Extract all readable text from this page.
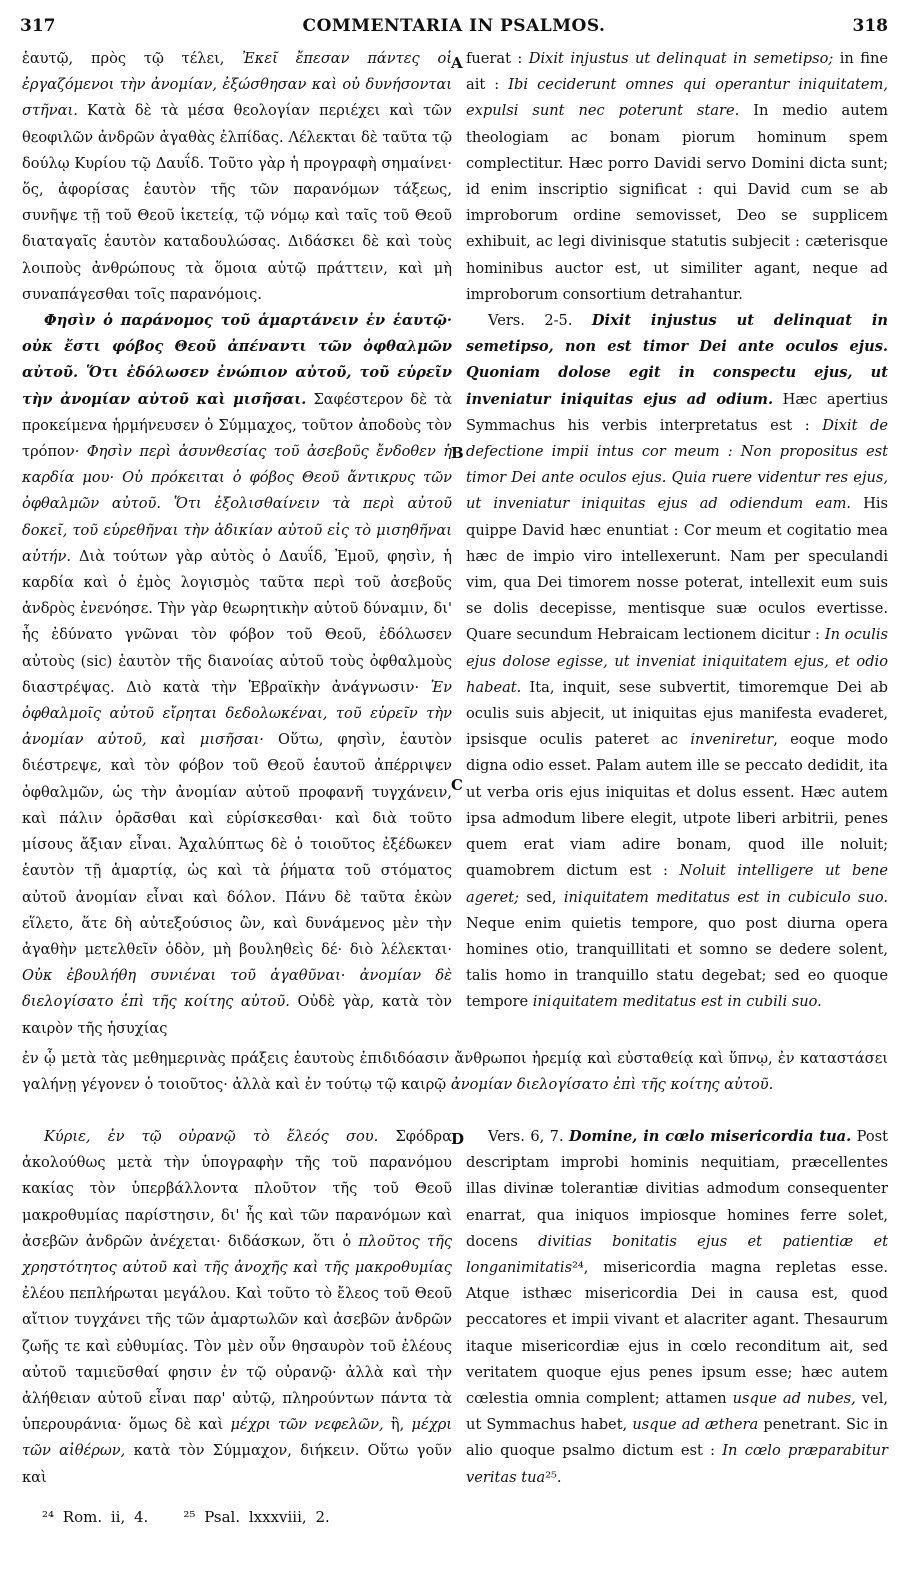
317	COMMENTARIA IN PSALMOS.	318
A
B
C
D

ἑαυτῷ, πρὸς τῷ τέλει, Ἐκεῖ ἔπεσαν πάντες οἱ ἐργαζόμενοι τὴν ἀνομίαν, ἐξώσθησαν καὶ οὐ δυνήσονται στῆναι. Κατὰ δὲ τὰ μέσα θεολογίαν περιέχει καὶ τῶν θεοφιλῶν ἀνδρῶν ἀγαθὰς ἐλπίδας. Λέλεκται δὲ ταῦτα τῷ δούλῳ Κυρίου τῷ Δαυΐδ. Τοῦτο γὰρ ἡ προγραφὴ σημαίνει· ὅς, ἀφορίσας ἑαυτὸν τῆς τῶν παρανόμων τάξεως, συνῆψε τῇ τοῦ Θεοῦ ἱκετείᾳ, τῷ νόμῳ καὶ ταῖς τοῦ Θεοῦ διαταγαῖς ἑαυτὸν καταδουλώσας. Διδάσκει δὲ καὶ τοὺς λοιποὺς ἀνθρώπους τὰ ὅμοια αὐτῷ πράττειν, καὶ μὴ συναπάγεσθαι τοῖς παρανόμοις.

Φησὶν ὁ παράνομος τοῦ ἁμαρτάνειν ἐν ἑαυτῷ· οὐκ ἔστι φόβος Θεοῦ ἀπέναντι τῶν ὀφθαλμῶν αὐτοῦ. Ὅτι ἐδόλωσεν ἐνώπιον αὐτοῦ, τοῦ εὑρεῖν τὴν ἀνομίαν αὐτοῦ καὶ μισῆσαι. Σαφέστερον δὲ τὰ προκείμενα ἡρμήνευσεν ὁ Σύμμαχος, τοῦτον ἀποδοὺς τὸν τρόπον· Φησὶν περὶ ἀσυνθεσίας τοῦ ἀσεβοῦς ἔνδοθεν ἡ καρδία μου· Οὐ πρόκειται ὁ φόβος Θεοῦ ἄντικρυς τῶν ὀφθαλμῶν αὐτοῦ. Ὅτι ἐξολισθαίνειν τὰ περὶ αὐτοῦ δοκεῖ, τοῦ εὑρεθῆναι τὴν ἀδικίαν αὐτοῦ εἰς τὸ μισηθῆναι αὐτήν. Διὰ τούτων γὰρ αὐτὸς ὁ Δαυΐδ, Ἐμοῦ, φησὶν, ἡ καρδία καὶ ὁ ἐμὸς λογισμὸς ταῦτα περὶ τοῦ ἀσεβοῦς ἀνδρὸς ἐνενόησε. Τὴν γὰρ θεωρητικὴν αὐτοῦ δύναμιν, δι' ἧς ἐδύνατο γνῶναι τὸν φόβον τοῦ Θεοῦ, ἐδόλωσεν αὐτοὺς (sic) ἑαυτὸν τῆς διανοίας αὐτοῦ τοὺς ὀφθαλμοὺς διαστρέψας. Διὸ κατὰ τὴν Ἑβραϊκὴν ἀνάγνωσιν· Ἐν ὀφθαλμοῖς αὐτοῦ εἴρηται δεδολωκέναι, τοῦ εὑρεῖν τὴν ἀνομίαν αὐτοῦ, καὶ μισῆσαι· Οὕτω, φησὶν, ἑαυτὸν διέστρεψε, καὶ τὸν φόβον τοῦ Θεοῦ ἑαυτοῦ ἀπέρριψεν ὀφθαλμῶν, ὡς τὴν ἀνομίαν αὐτοῦ προφανῆ τυγχάνειν, καὶ πάλιν ὁρᾶσθαι καὶ εὑρίσκεσθαι· καὶ διὰ τοῦτο μίσους ἄξιαν εἶναι. Ἀχαλύπτως δὲ ὁ τοιοῦτος ἐξέδωκεν ἑαυτὸν τῇ ἁμαρτίᾳ, ὡς καὶ τὰ ῥήματα τοῦ στόματος αὐτοῦ ἀνομίαν εἶναι καὶ δόλον. Πάνυ δὲ ταῦτα ἑκὼν εἵλετο, ἅτε δὴ αὐτεξούσιος ὢν, καὶ δυνάμενος μὲν τὴν ἀγαθὴν μετελθεῖν ὁδὸν, μὴ βουληθεὶς δέ· διὸ λέλεκται· Οὐκ ἐβουλήθη συνιέναι τοῦ ἀγαθῦναι· ἀνομίαν δὲ διελογίσατο ἐπὶ τῆς κοίτης αὐτοῦ. Οὐδὲ γὰρ, κατὰ τὸν καιρὸν τῆς ἡσυχίας

fuerat : Dixit injustus ut delinquat in semetipso; in fine ait : Ibi ceciderunt omnes qui operantur iniquitatem, expulsi sunt nec poterunt stare. In medio autem theologiam ac bonam piorum hominum spem complectitur. Hæc porro Davidi servo Domini dicta sunt; id enim inscriptio significat : qui David cum se ab improborum ordine semovisset, Deo se supplicem exhibuit, ac legi divinisque statutis subjecit : cæterisque hominibus auctor est, ut similiter agant, neque ad improborum consortium detrahantur.

Vers. 2-5. Dixit injustus ut delinquat in semetipso, non est timor Dei ante oculos ejus. Quoniam dolose egit in conspectu ejus, ut inveniatur iniquitas ejus ad odium. Hæc apertius Symmachus his verbis interpretatus est : Dixit de defectione impii intus cor meum : Non propositus est timor Dei ante oculos ejus. Quia ruere videntur res ejus, ut inveniatur iniquitas ejus ad odiendum eam. His quippe David hæc enuntiat : Cor meum et cogitatio mea hæc de impio viro intellexerunt. Nam per speculandi vim, qua Dei timorem nosse poterat, intellexit eum suis se dolis decepisse, mentisque suæ oculos evertisse. Quare secundum Hebraicam lectionem dicitur : In oculis ejus dolose egisse, ut inveniat iniquitatem ejus, et odio habeat. Ita, inquit, sese subvertit, timoremque Dei ab oculis suis abjecit, ut iniquitas ejus manifesta evaderet, ipsisque oculis pateret ac inveniretur, eoque modo digna odio esset. Palam autem ille se peccato dedidit, ita ut verba oris ejus iniquitas et dolus essent. Hæc autem ipsa admodum libere elegit, utpote liberi arbitrii, penes quem erat viam adire bonam, quod ille noluit; quamobrem dictum est : Noluit intelligere ut bene ageret; sed, iniquitatem meditatus est in cubiculo suo. Neque enim quietis tempore, quo post diurna opera homines otio, tranquillitati et somno se dedere solent, talis homo in tranquillo statu degebat; sed eo quoque tempore iniquitatem meditatus est in cubili suo.

ἐν ᾧ μετὰ τὰς μεθημερινὰς πράξεις ἑαυτοὺς ἐπιδιδόασιν ἄνθρωποι ἠρεμίᾳ καὶ εὐσταθείᾳ καὶ ὕπνῳ, ἐν καταστάσει γαλήνῃ γέγονεν ὁ τοιοῦτος· ἀλλὰ καὶ ἐν τούτῳ τῷ καιρῷ ἀνομίαν διελογίσατο ἐπὶ τῆς κοίτης αὐτοῦ.

Κύριε, ἐν τῷ οὐρανῷ τὸ ἔλεός σου. Σφόδρα ἀκολούθως μετὰ τὴν ὑπογραφὴν τῆς τοῦ παρανόμου κακίας τὸν ὑπερβάλλοντα πλοῦτον τῆς τοῦ Θεοῦ μακροθυμίας παρίστησιν, δι' ἧς καὶ τῶν παρανόμων καὶ ἀσεβῶν ἀνδρῶν ἀνέχεται· διδάσκων, ὅτι ὁ πλοῦτος τῆς χρηστότητος αὐτοῦ καὶ τῆς ἀνοχῆς καὶ τῆς μακροθυμίας ἐλέου πεπλήρωται μεγάλου. Καὶ τοῦτο τὸ ἔλεος τοῦ Θεοῦ αἴτιον τυγχάνει τῆς τῶν ἁμαρτωλῶν καὶ ἀσεβῶν ἀνδρῶν ζωῆς τε καὶ εὐθυμίας. Τὸν μὲν οὖν θησαυρὸν τοῦ ἐλέους αὐτοῦ ταμιεῦσθαί φησιν ἐν τῷ οὐρανῷ· ἀλλὰ καὶ τὴν ἀλήθειαν αὐτοῦ εἶναι παρ' αὐτῷ, πληρούντων πάντα τὰ ὑπερουράνια· ὅμως δὲ καὶ μέχρι τῶν νεφελῶν, ἢ, μέχρι τῶν αἰθέρων, κατὰ τὸν Σύμμαχον, διήκειν. Οὕτω γοῦν καὶ

Vers. 6, 7. Domine, in cœlo misericordia tua. Post descriptam improbi hominis nequitiam, præcellentes illas divinæ tolerantiæ divitias admodum consequenter enarrat, qua iniquos impiosque homines ferre solet, docens divitias bonitatis ejus et patientiæ et longanimitatis²⁴, misericordia magna repletas esse. Atque isthæc misericordia Dei in causa est, quod peccatores et impii vivant et alacriter agant. Thesaurum itaque misericordiæ ejus in cœlo reconditum ait, sed veritatem quoque ejus penes ipsum esse; hæc autem cœlestia omnia complent; attamen usque ad nubes, vel, ut Symmachus habet, usque ad æthera penetrant. Sic in alio quoque psalmo dictum est : In cœlo præparabitur veritas tua²⁵.

²⁴ Rom. ii, 4. ²⁵ Psal. lxxxviii, 2.
